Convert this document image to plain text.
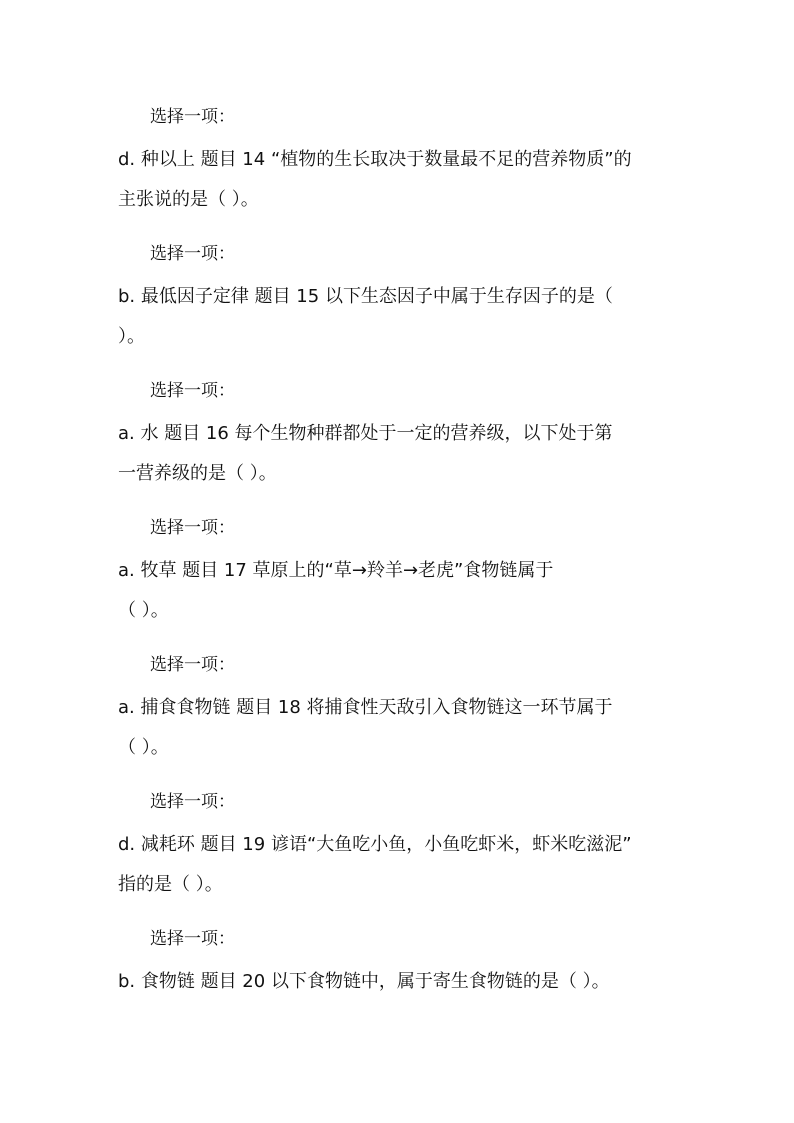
选择一项：
d. 种以上 题目 14 “植物的生长取决于数量最不足的营养物质”的
主张说的是（ ）。
选择一项：
b. 最低因子定律 题目 15 以下生态因子中属于生存因子的是（
）。
选择一项：
a. 水 题目 16 每个生物种群都处于一定的营养级，以下处于第
一营养级的是（ ）。
选择一项：
a. 牧草 题目 17 草原上的“草→羚羊→老虎”食物链属于
（ ）。
选择一项：
a. 捕食食物链 题目 18 将捕食性天敌引入食物链这一环节属于
（ ）。
选择一项：
d. 减耗环 题目 19 谚语“大鱼吃小鱼，小鱼吃虾米，虾米吃滋泥”
指的是（ ）。
选择一项：
b. 食物链 题目 20 以下食物链中，属于寄生食物链的是（ ）。
